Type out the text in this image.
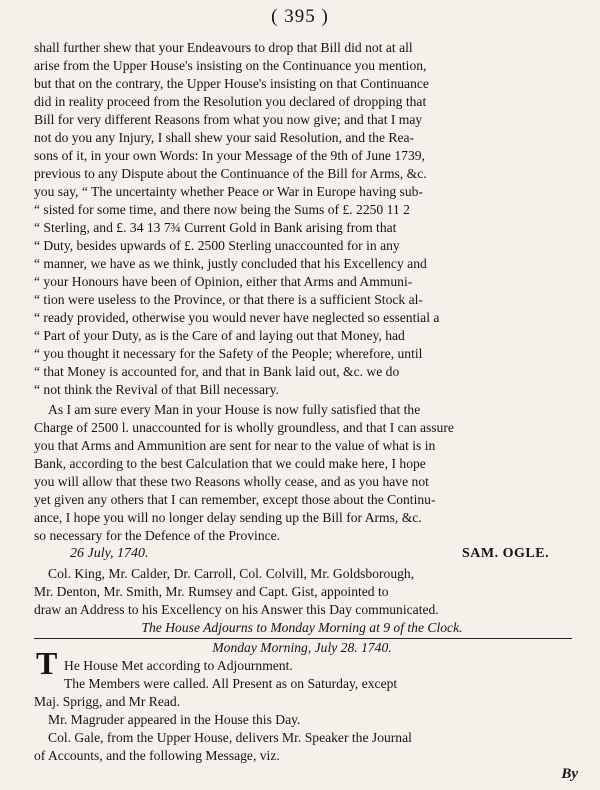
( 395 )
shall further shew that your Endeavours to drop that Bill did not at all
arise from the Upper House's insisting on the Continuance you mention,
but that on the contrary, the Upper House's insisting on that Continuance
did in reality proceed from the Resolution you declared of dropping that
Bill for very different Reasons from what you now give; and that I may
not do you any Injury, I shall shew your said Resolution, and the Rea-
sons of it, in your own Words: In your Message of the 9th of June 1739,
previous to any Dispute about the Continuance of the Bill for Arms, &c.
you say, “ The uncertainty whether Peace or War in Europe having sub-
“ sisted for some time, and there now being the Sums of £. 2250 11 2
“ Sterling, and £. 34 13 7¾ Current Gold in Bank arising from that
“ Duty, besides upwards of £. 2500 Sterling unaccounted for in any
“ manner, we have as we think, justly concluded that his Excellency and
“ your Honours have been of Opinion, either that Arms and Ammuni-
“ tion were useless to the Province, or that there is a sufficient Stock al-
“ ready provided, otherwise you would never have neglected so essential a
“ Part of your Duty, as is the Care of and laying out that Money, had
“ you thought it necessary for the Safety of the People; wherefore, until
“ that Money is accounted for, and that in Bank laid out, &c. we do
“ not think the Revival of that Bill necessary.
As I am sure every Man in your House is now fully satisfied that the
Charge of 2500 l. unaccounted for is wholly groundless, and that I can assure
you that Arms and Ammunition are sent for near to the value of what is in
Bank, according to the best Calculation that we could make here, I hope
you will allow that these two Reasons wholly cease, and as you have not
yet given any others that I can remember, except those about the Continu-
ance, I hope you will no longer delay sending up the Bill for Arms, &c.
so necessary for the Defence of the Province.
26 July, 1740.	SAM. OGLE.
Col. King, Mr. Calder, Dr. Carroll, Col. Colvill, Mr. Goldsborough,
Mr. Denton, Mr. Smith, Mr. Rumsey and Capt. Gist, appointed to
draw an Address to his Excellency on his Answer this Day communicated.
The House Adjourns to Monday Morning at 9 of the Clock.
Monday Morning, July 28. 1740.
T He House Met according to Adjournment.
The Members were called. All Present as on Saturday, except
Maj. Sprigg, and Mr Read.
Mr. Magruder appeared in the House this Day.
Col. Gale, from the Upper House, delivers Mr. Speaker the Journal
of Accounts, and the following Message, viz.
By
